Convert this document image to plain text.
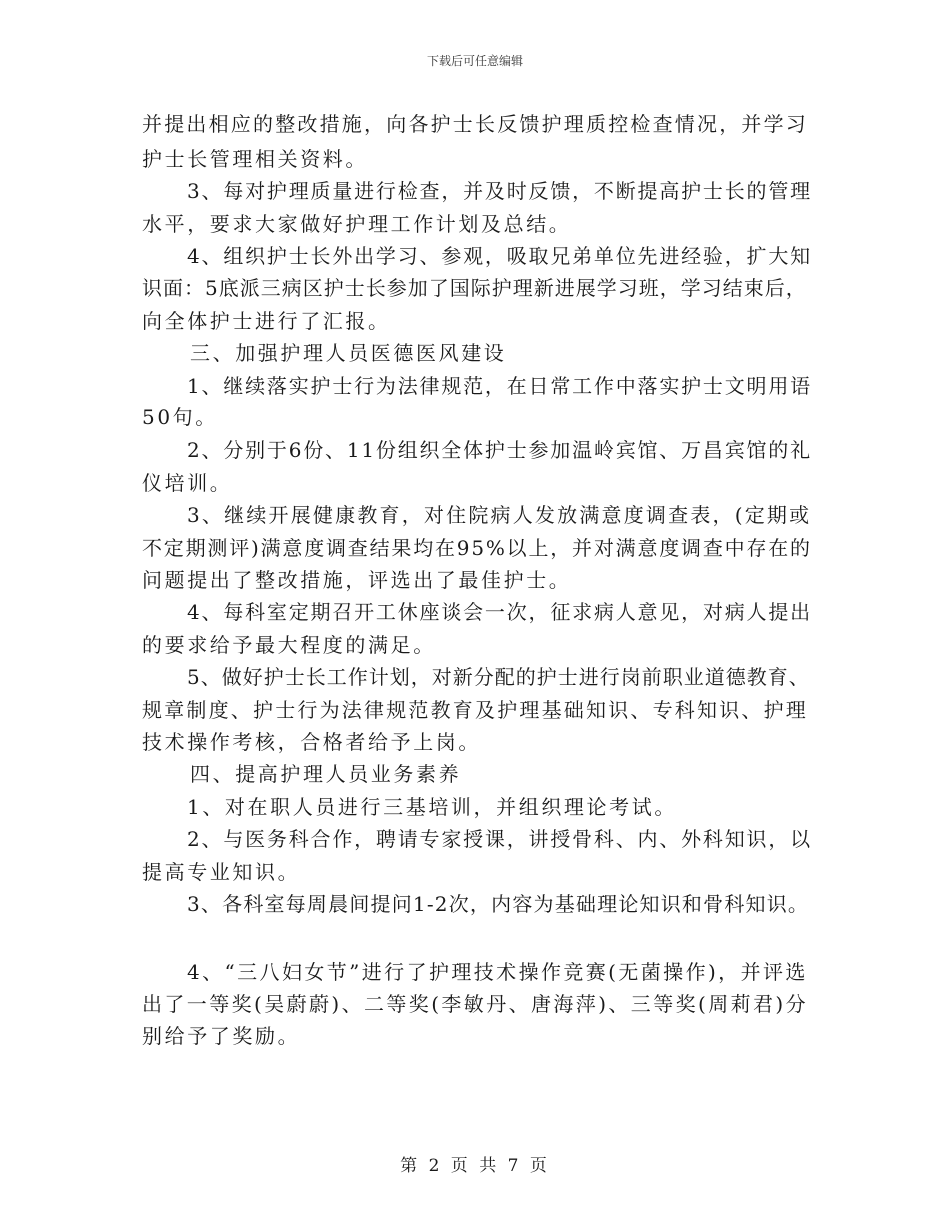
下载后可任意编辑
并提出相应的整改措施，向各护士长反馈护理质控检查情况，并学习
护士长管理相关资料。
3、每对护理质量进行检查，并及时反馈，不断提高护士长的管理
水平，要求大家做好护理工作计划及总结。
4、组织护士长外出学习、参观，吸取兄弟单位先进经验，扩大知
识面：5底派三病区护士长参加了国际护理新进展学习班，学习结束后，
向全体护士进行了汇报。
三、加强护理人员医德医风建设
1、继续落实护士行为法律规范，在日常工作中落实护士文明用语
50句。
2、分别于6份、11份组织全体护士参加温岭宾馆、万昌宾馆的礼
仪培训。
3、继续开展健康教育，对住院病人发放满意度调查表，(定期或
不定期测评)满意度调查结果均在95%以上，并对满意度调查中存在的
问题提出了整改措施，评选出了最佳护士。
4、每科室定期召开工休座谈会一次，征求病人意见，对病人提出
的要求给予最大程度的满足。
5、做好护士长工作计划，对新分配的护士进行岗前职业道德教育、
规章制度、护士行为法律规范教育及护理基础知识、专科知识、护理
技术操作考核，合格者给予上岗。
四、提高护理人员业务素养
1、对在职人员进行三基培训，并组织理论考试。
2、与医务科合作，聘请专家授课，讲授骨科、内、外科知识，以
提高专业知识。
3、各科室每周晨间提问1-2次，内容为基础理论知识和骨科知识。
4、“三八妇女节”进行了护理技术操作竞赛(无菌操作)，并评选
出了一等奖(吴蔚蔚)、二等奖(李敏丹、唐海萍)、三等奖(周莉君)分
别给予了奖励。
第 2 页 共 7 页
